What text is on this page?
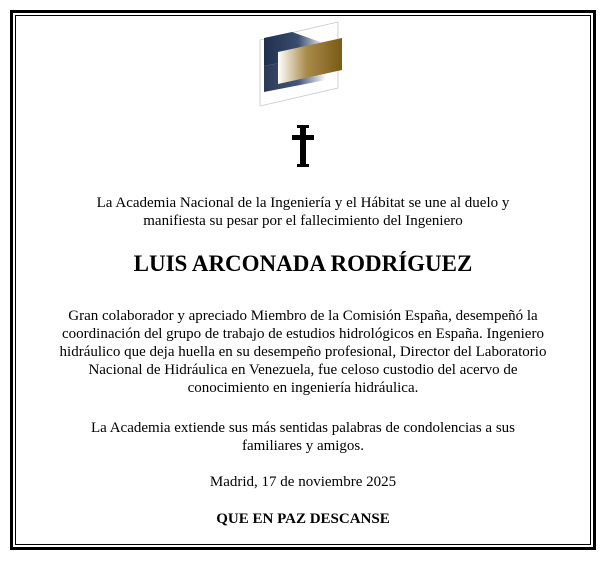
La Academia Nacional de la Ingeniería y el Hábitat se une al duelo y
manifiesta su pesar por el fallecimiento del Ingeniero
LUIS ARCONADA RODRÍGUEZ
Gran colaborador y apreciado Miembro de la Comisión España, desempeñó la
coordinación del grupo de trabajo de estudios hidrológicos en España. Ingeniero
hidráulico que deja huella en su desempeño profesional, Director del Laboratorio
Nacional de Hidráulica en Venezuela, fue celoso custodio del acervo de
conocimiento en ingeniería hidráulica.
La Academia extiende sus más sentidas palabras de condolencias a sus
familiares y amigos.
Madrid, 17 de noviembre 2025
QUE EN PAZ DESCANSE
